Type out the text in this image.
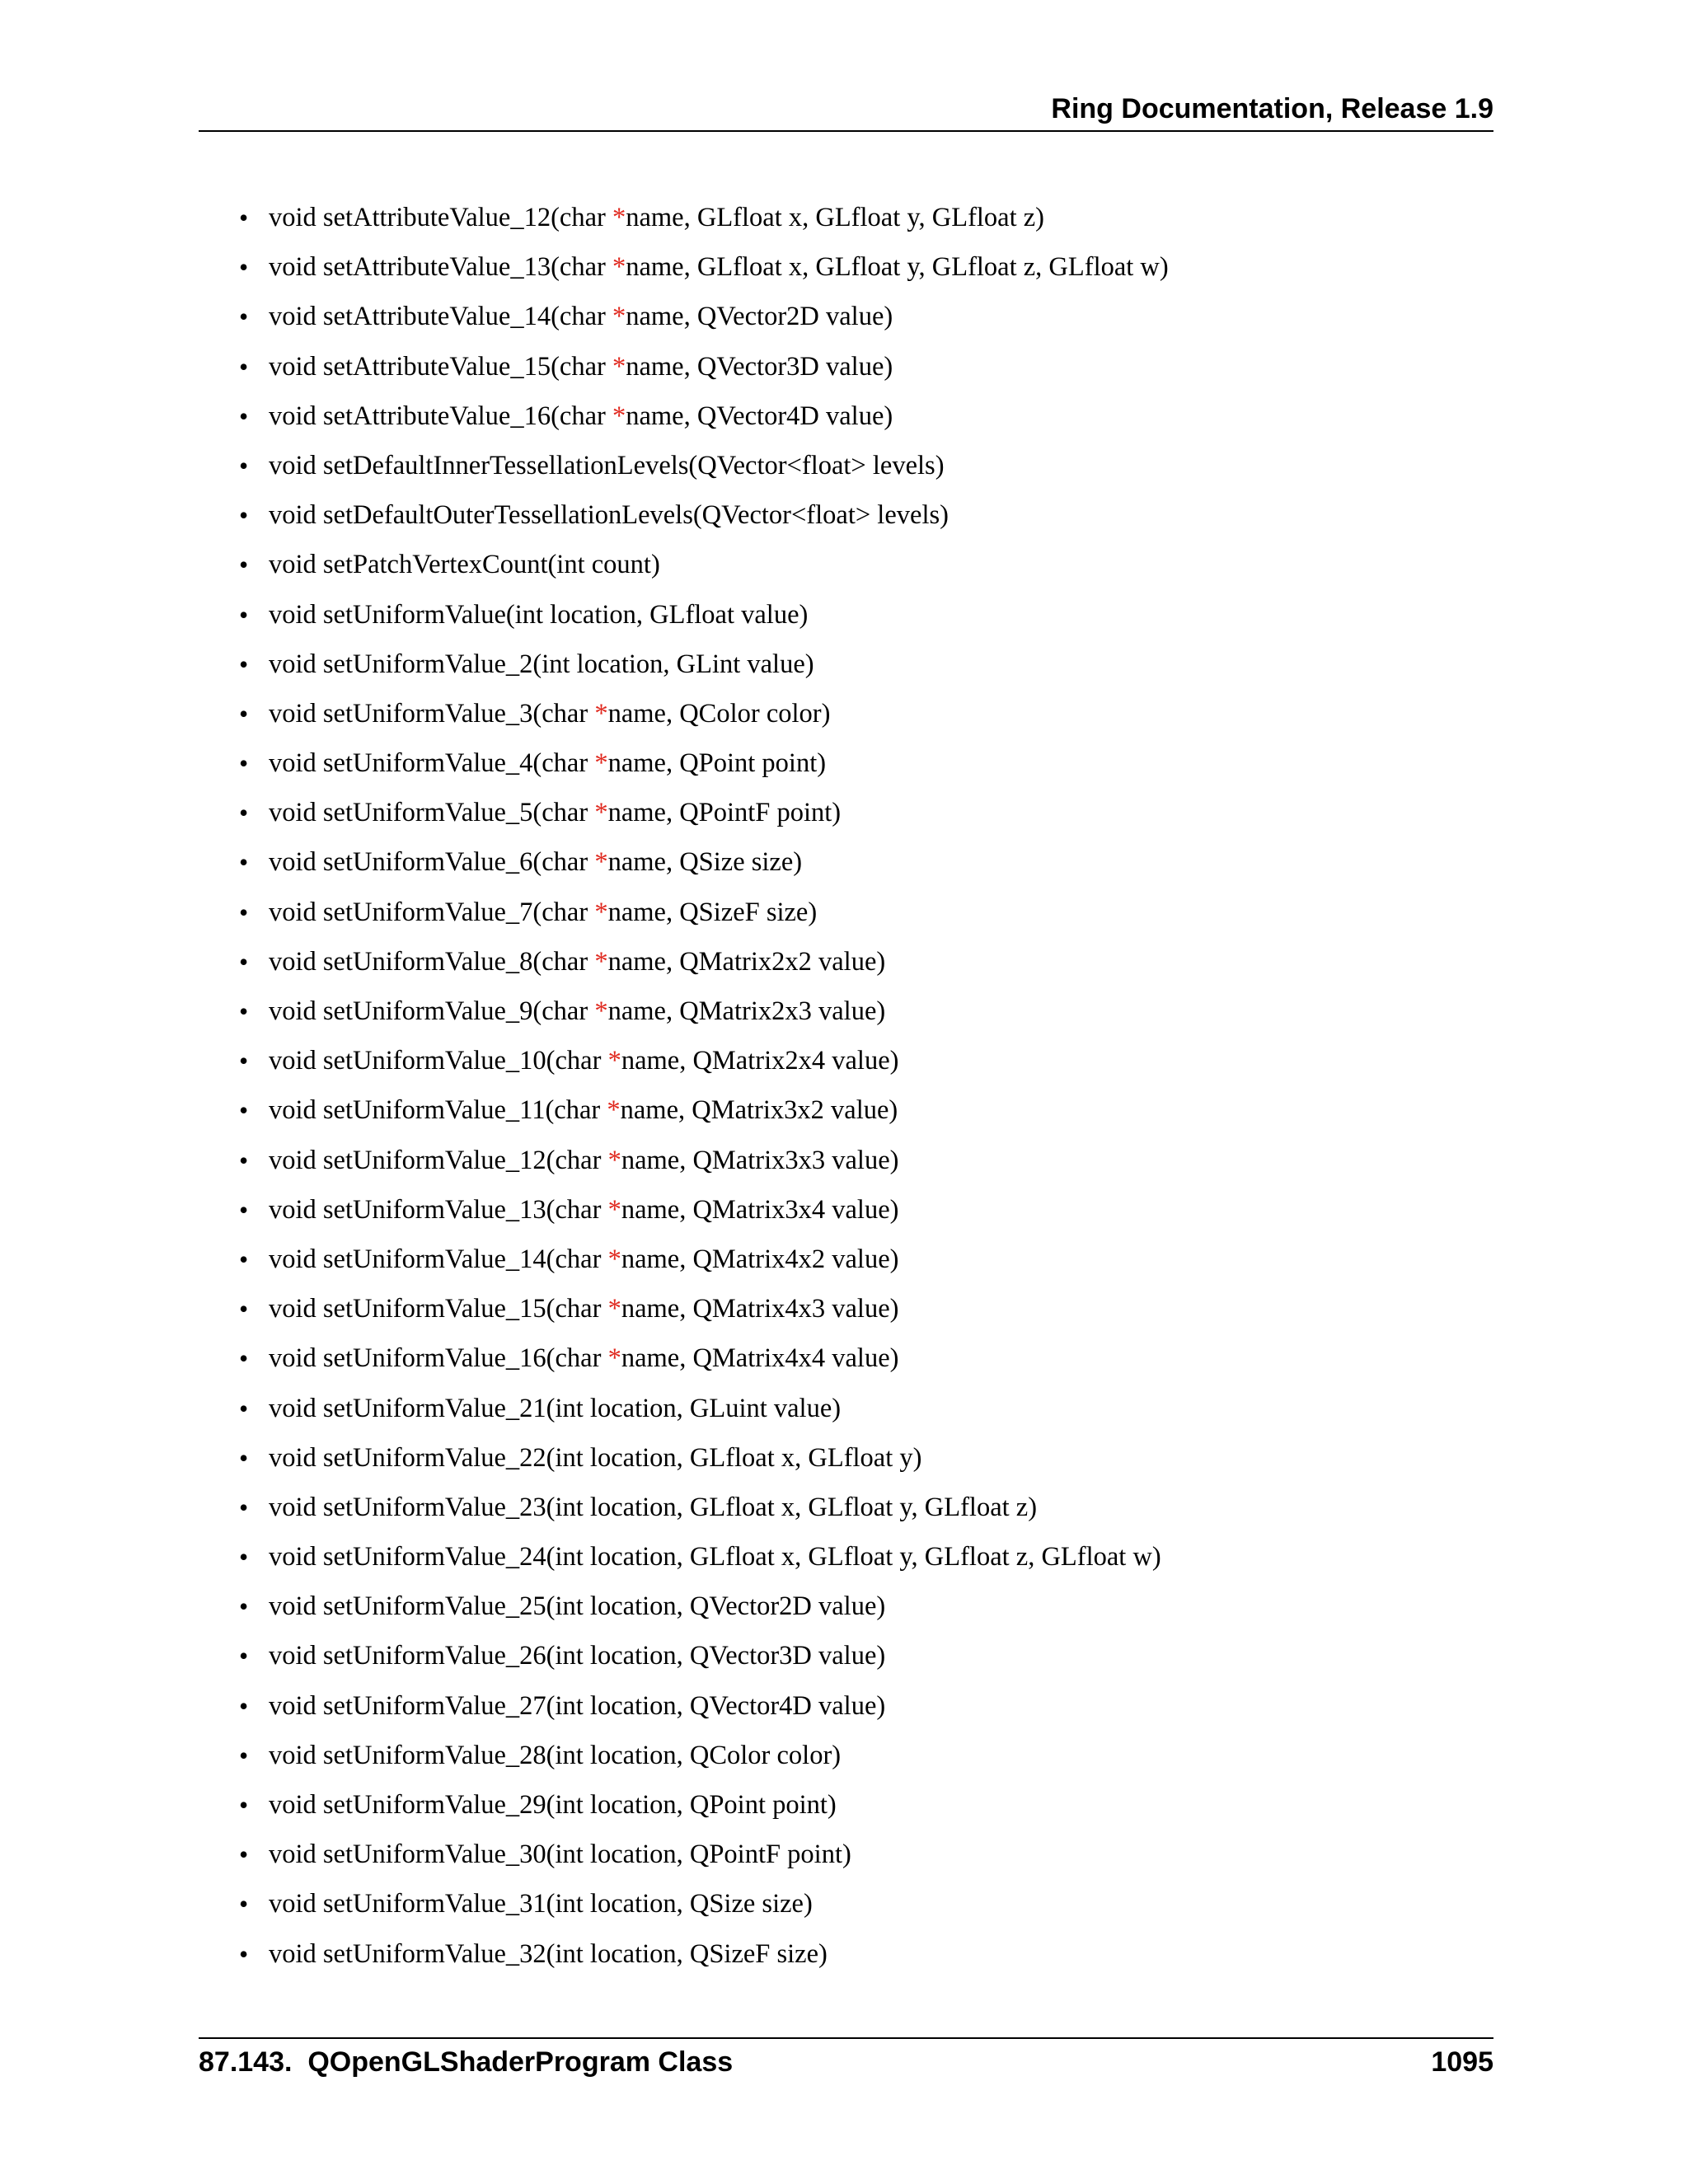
Ring Documentation, Release 1.9
• void setAttributeValue_12(char *name, GLfloat x, GLfloat y, GLfloat z)
• void setAttributeValue_13(char *name, GLfloat x, GLfloat y, GLfloat z, GLfloat w)
• void setAttributeValue_14(char *name, QVector2D value)
• void setAttributeValue_15(char *name, QVector3D value)
• void setAttributeValue_16(char *name, QVector4D value)
• void setDefaultInnerTessellationLevels(QVector<float> levels)
• void setDefaultOuterTessellationLevels(QVector<float> levels)
• void setPatchVertexCount(int count)
• void setUniformValue(int location, GLfloat value)
• void setUniformValue_2(int location, GLint value)
• void setUniformValue_3(char *name, QColor color)
• void setUniformValue_4(char *name, QPoint point)
• void setUniformValue_5(char *name, QPointF point)
• void setUniformValue_6(char *name, QSize size)
• void setUniformValue_7(char *name, QSizeF size)
• void setUniformValue_8(char *name, QMatrix2x2 value)
• void setUniformValue_9(char *name, QMatrix2x3 value)
• void setUniformValue_10(char *name, QMatrix2x4 value)
• void setUniformValue_11(char *name, QMatrix3x2 value)
• void setUniformValue_12(char *name, QMatrix3x3 value)
• void setUniformValue_13(char *name, QMatrix3x4 value)
• void setUniformValue_14(char *name, QMatrix4x2 value)
• void setUniformValue_15(char *name, QMatrix4x3 value)
• void setUniformValue_16(char *name, QMatrix4x4 value)
• void setUniformValue_21(int location, GLuint value)
• void setUniformValue_22(int location, GLfloat x, GLfloat y)
• void setUniformValue_23(int location, GLfloat x, GLfloat y, GLfloat z)
• void setUniformValue_24(int location, GLfloat x, GLfloat y, GLfloat z, GLfloat w)
• void setUniformValue_25(int location, QVector2D value)
• void setUniformValue_26(int location, QVector3D value)
• void setUniformValue_27(int location, QVector4D value)
• void setUniformValue_28(int location, QColor color)
• void setUniformValue_29(int location, QPoint point)
• void setUniformValue_30(int location, QPointF point)
• void setUniformValue_31(int location, QSize size)
• void setUniformValue_32(int location, QSizeF size)
87.143.  QOpenGLShaderProgram Class	1095
